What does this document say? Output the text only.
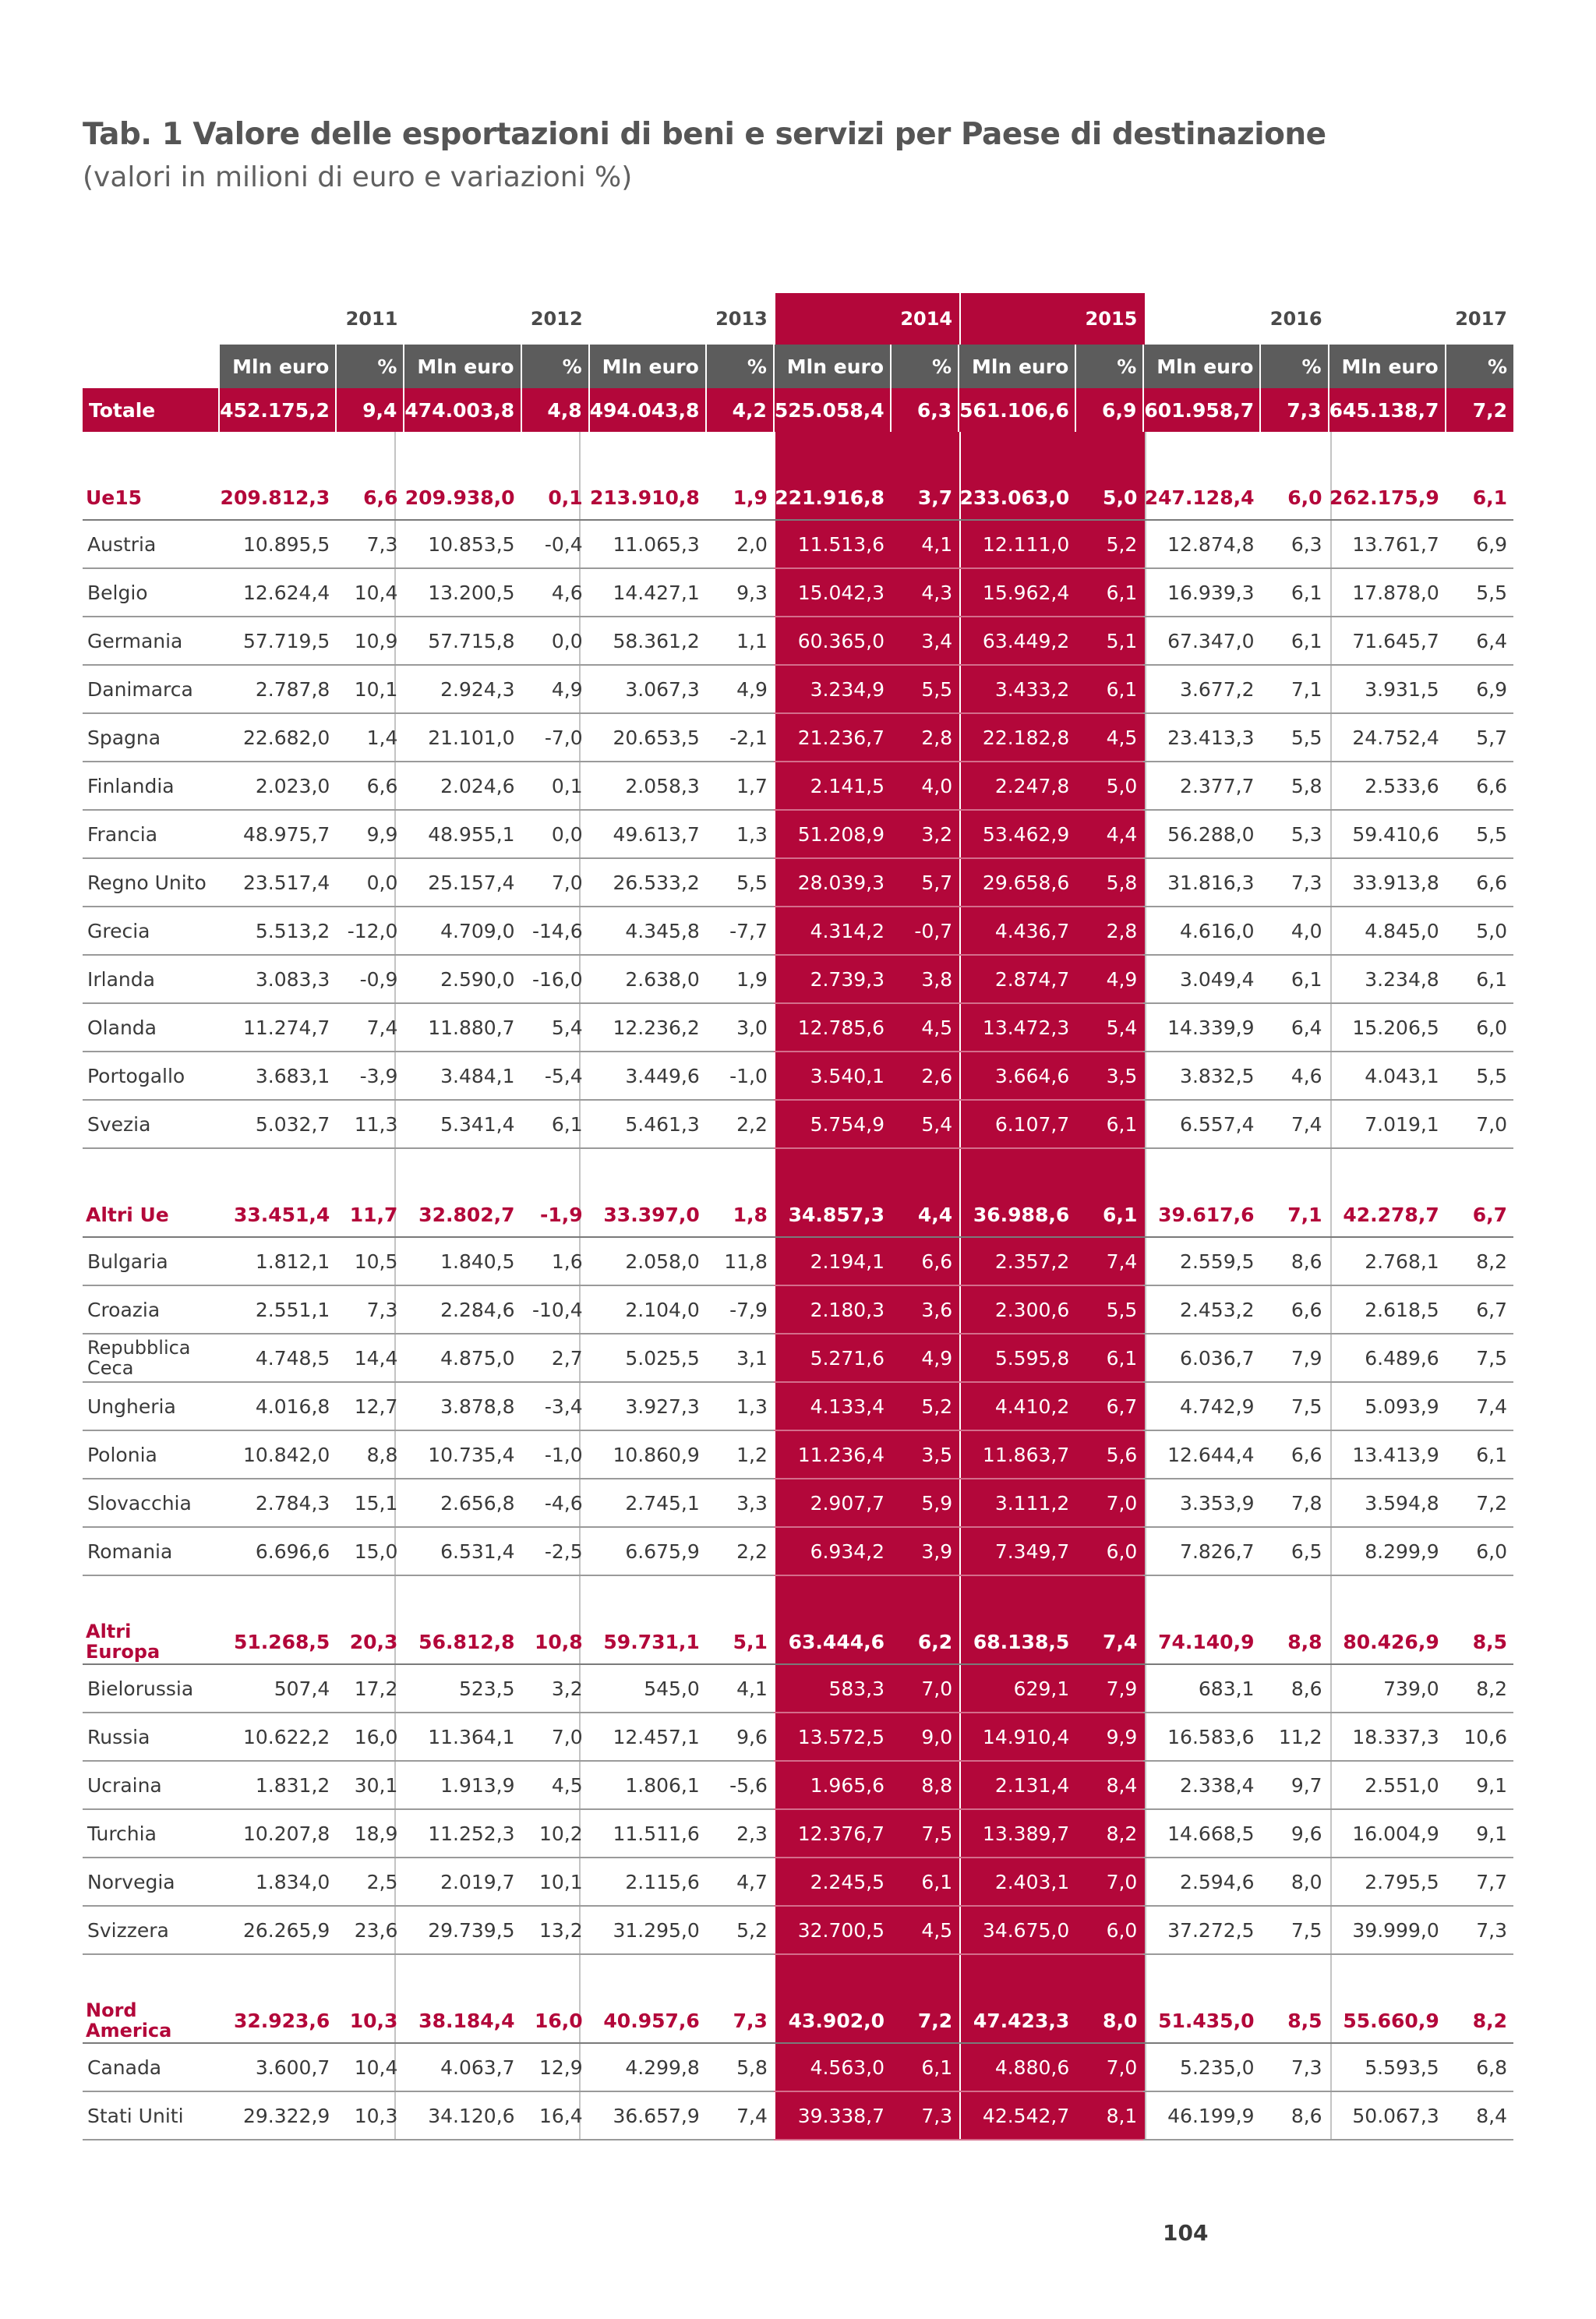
Tab. 1 Valore delle esportazioni di beni e servizi per Paese di destinazione
(valori in milioni di euro e variazioni %)
	2011		2012		2013		2014		2015		2016		2017	
	Mln euro	%	Mln euro	%	Mln euro	%	Mln euro	%	Mln euro	%	Mln euro	%	Mln euro	%
Totale	452.175,2	9,4	474.003,8	4,8	494.043,8	4,2	525.058,4	6,3	561.106,6	6,9	601.958,7	7,3	645.138,7	7,2

Ue15	209.812,3	6,6	209.938,0	0,1	213.910,8	1,9	221.916,8	3,7	233.063,0	5,0	247.128,4	6,0	262.175,9	6,1
Austria	10.895,5	7,3	10.853,5	-0,4	11.065,3	2,0	11.513,6	4,1	12.111,0	5,2	12.874,8	6,3	13.761,7	6,9
Belgio	12.624,4	10,4	13.200,5	4,6	14.427,1	9,3	15.042,3	4,3	15.962,4	6,1	16.939,3	6,1	17.878,0	5,5
Germania	57.719,5	10,9	57.715,8	0,0	58.361,2	1,1	60.365,0	3,4	63.449,2	5,1	67.347,0	6,1	71.645,7	6,4
Danimarca	2.787,8	10,1	2.924,3	4,9	3.067,3	4,9	3.234,9	5,5	3.433,2	6,1	3.677,2	7,1	3.931,5	6,9
Spagna	22.682,0	1,4	21.101,0	-7,0	20.653,5	-2,1	21.236,7	2,8	22.182,8	4,5	23.413,3	5,5	24.752,4	5,7
Finlandia	2.023,0	6,6	2.024,6	0,1	2.058,3	1,7	2.141,5	4,0	2.247,8	5,0	2.377,7	5,8	2.533,6	6,6
Francia	48.975,7	9,9	48.955,1	0,0	49.613,7	1,3	51.208,9	3,2	53.462,9	4,4	56.288,0	5,3	59.410,6	5,5
Regno Unito	23.517,4	0,0	25.157,4	7,0	26.533,2	5,5	28.039,3	5,7	29.658,6	5,8	31.816,3	7,3	33.913,8	6,6
Grecia	5.513,2	-12,0	4.709,0	-14,6	4.345,8	-7,7	4.314,2	-0,7	4.436,7	2,8	4.616,0	4,0	4.845,0	5,0
Irlanda	3.083,3	-0,9	2.590,0	-16,0	2.638,0	1,9	2.739,3	3,8	2.874,7	4,9	3.049,4	6,1	3.234,8	6,1
Olanda	11.274,7	7,4	11.880,7	5,4	12.236,2	3,0	12.785,6	4,5	13.472,3	5,4	14.339,9	6,4	15.206,5	6,0
Portogallo	3.683,1	-3,9	3.484,1	-5,4	3.449,6	-1,0	3.540,1	2,6	3.664,6	3,5	3.832,5	4,6	4.043,1	5,5
Svezia	5.032,7	11,3	5.341,4	6,1	5.461,3	2,2	5.754,9	5,4	6.107,7	6,1	6.557,4	7,4	7.019,1	7,0

Altri Ue	33.451,4	11,7	32.802,7	-1,9	33.397,0	1,8	34.857,3	4,4	36.988,6	6,1	39.617,6	7,1	42.278,7	6,7
Bulgaria	1.812,1	10,5	1.840,5	1,6	2.058,0	11,8	2.194,1	6,6	2.357,2	7,4	2.559,5	8,6	2.768,1	8,2
Croazia	2.551,1	7,3	2.284,6	-10,4	2.104,0	-7,9	2.180,3	3,6	2.300,6	5,5	2.453,2	6,6	2.618,5	6,7
Repubblica Ceca	4.748,5	14,4	4.875,0	2,7	5.025,5	3,1	5.271,6	4,9	5.595,8	6,1	6.036,7	7,9	6.489,6	7,5
Ungheria	4.016,8	12,7	3.878,8	-3,4	3.927,3	1,3	4.133,4	5,2	4.410,2	6,7	4.742,9	7,5	5.093,9	7,4
Polonia	10.842,0	8,8	10.735,4	-1,0	10.860,9	1,2	11.236,4	3,5	11.863,7	5,6	12.644,4	6,6	13.413,9	6,1
Slovacchia	2.784,3	15,1	2.656,8	-4,6	2.745,1	3,3	2.907,7	5,9	3.111,2	7,0	3.353,9	7,8	3.594,8	7,2
Romania	6.696,6	15,0	6.531,4	-2,5	6.675,9	2,2	6.934,2	3,9	7.349,7	6,0	7.826,7	6,5	8.299,9	6,0

Altri Europa	51.268,5	20,3	56.812,8	10,8	59.731,1	5,1	63.444,6	6,2	68.138,5	7,4	74.140,9	8,8	80.426,9	8,5
Bielorussia	507,4	17,2	523,5	3,2	545,0	4,1	583,3	7,0	629,1	7,9	683,1	8,6	739,0	8,2
Russia	10.622,2	16,0	11.364,1	7,0	12.457,1	9,6	13.572,5	9,0	14.910,4	9,9	16.583,6	11,2	18.337,3	10,6
Ucraina	1.831,2	30,1	1.913,9	4,5	1.806,1	-5,6	1.965,6	8,8	2.131,4	8,4	2.338,4	9,7	2.551,0	9,1
Turchia	10.207,8	18,9	11.252,3	10,2	11.511,6	2,3	12.376,7	7,5	13.389,7	8,2	14.668,5	9,6	16.004,9	9,1
Norvegia	1.834,0	2,5	2.019,7	10,1	2.115,6	4,7	2.245,5	6,1	2.403,1	7,0	2.594,6	8,0	2.795,5	7,7
Svizzera	26.265,9	23,6	29.739,5	13,2	31.295,0	5,2	32.700,5	4,5	34.675,0	6,0	37.272,5	7,5	39.999,0	7,3

Nord America	32.923,6	10,3	38.184,4	16,0	40.957,6	7,3	43.902,0	7,2	47.423,3	8,0	51.435,0	8,5	55.660,9	8,2
Canada	3.600,7	10,4	4.063,7	12,9	4.299,8	5,8	4.563,0	6,1	4.880,6	7,0	5.235,0	7,3	5.593,5	6,8
Stati Uniti	29.322,9	10,3	34.120,6	16,4	36.657,9	7,4	39.338,7	7,3	42.542,7	8,1	46.199,9	8,6	50.067,3	8,4
104
